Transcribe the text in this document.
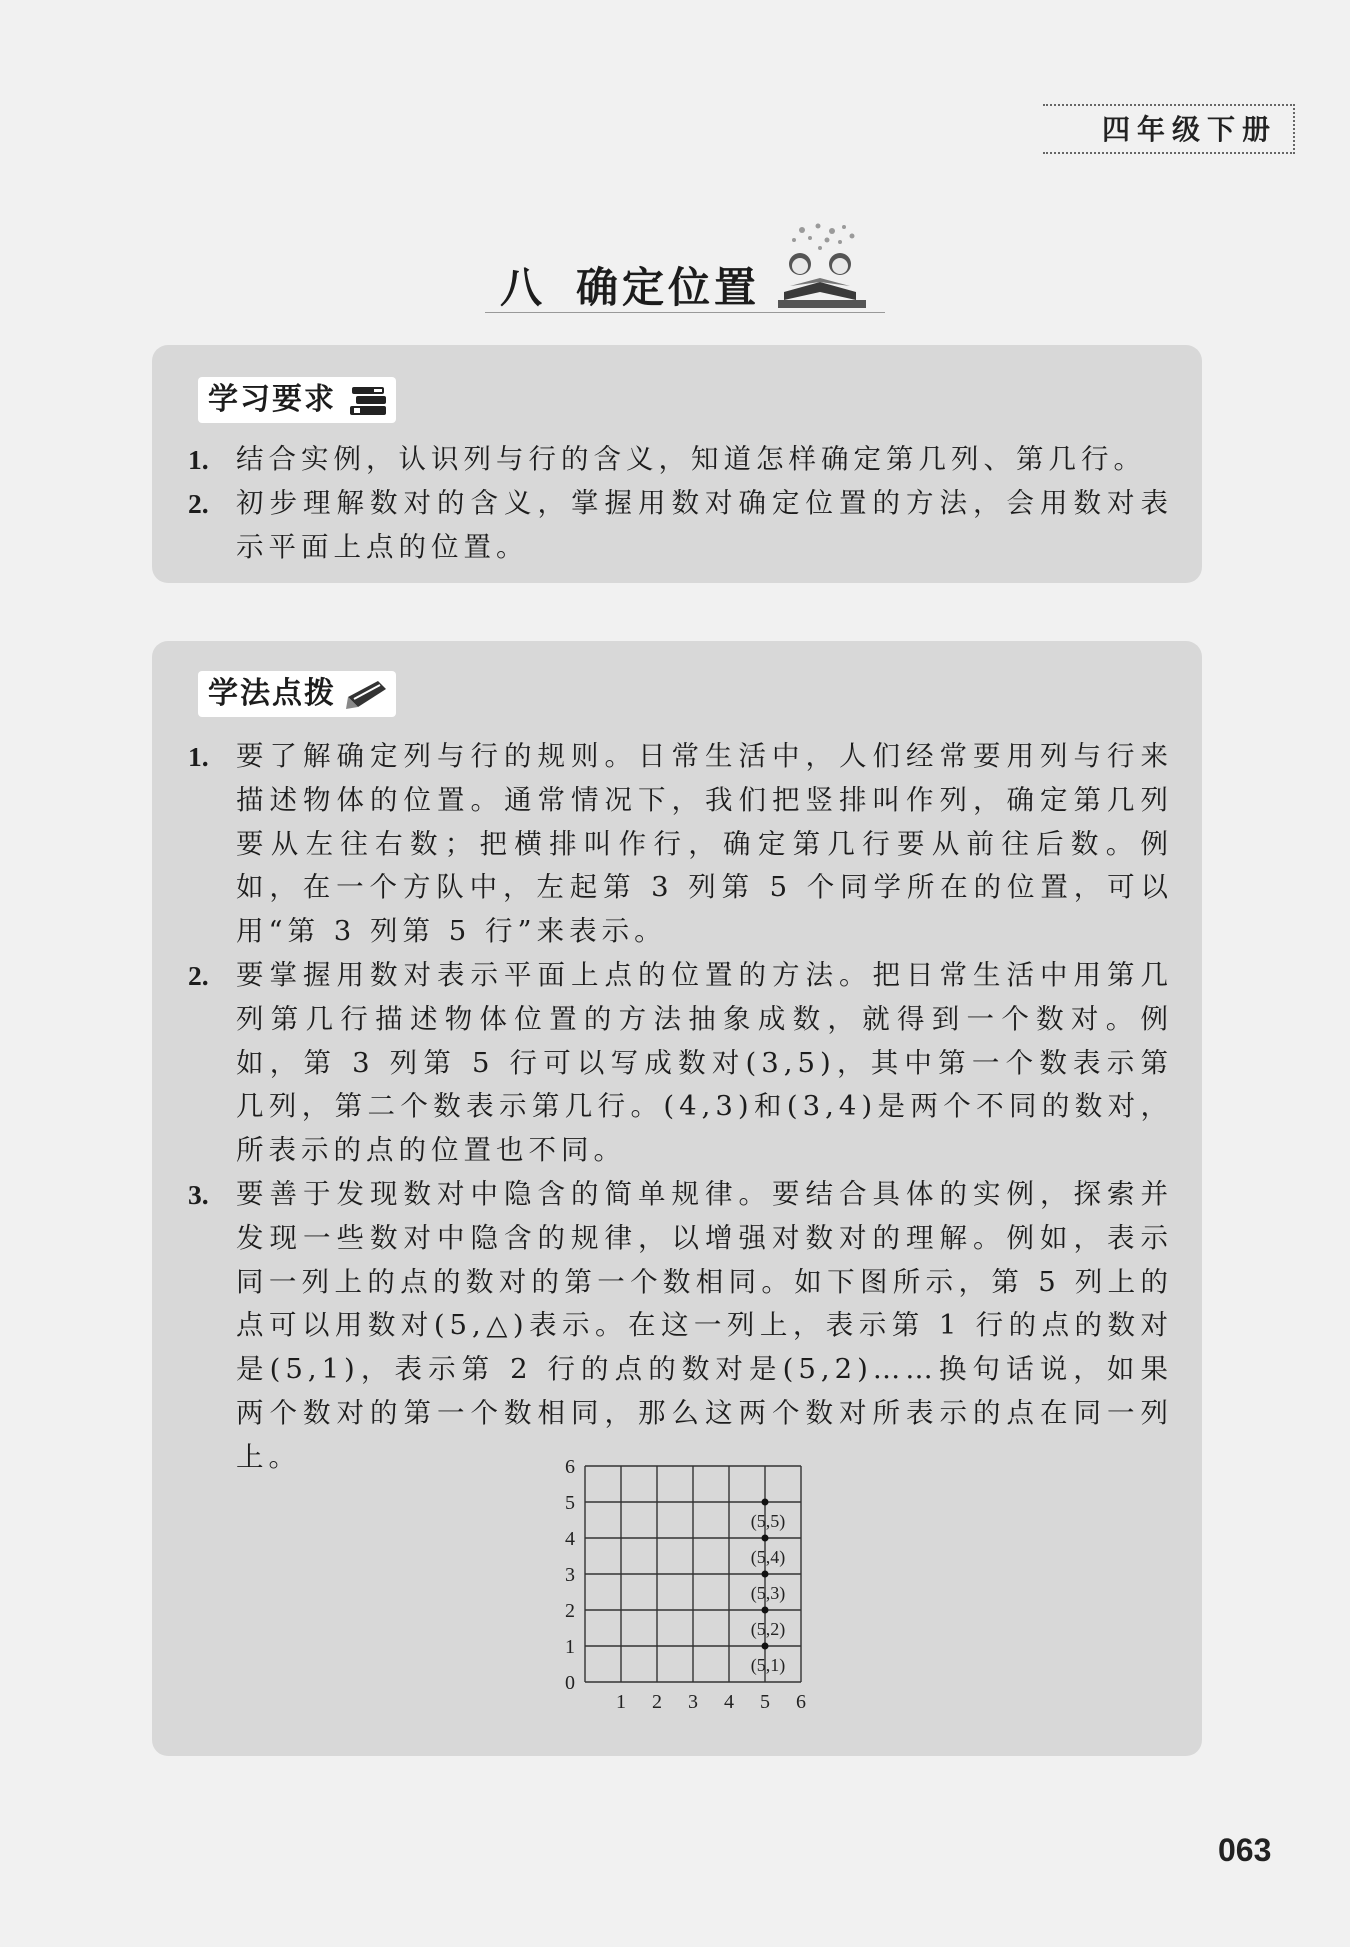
四年级下册
八 确定位置
学习要求
1. 结合实例，认识列与行的含义，知道怎样确定第几列、第几行。
2. 初步理解数对的含义，掌握用数对确定位置的方法，会用数对表示平面上点的位置。
学法点拨
1. 要了解确定列与行的规则。日常生活中，人们经常要用列与行来描述物体的位置。通常情况下，我们把竖排叫作列，确定第几列要从左往右数；把横排叫作行，确定第几行要从前往后数。例如，在一个方队中，左起第 3 列第 5 个同学所在的位置，可以用“第 3 列第 5 行”来表示。
2. 要掌握用数对表示平面上点的位置的方法。把日常生活中用第几列第几行描述物体位置的方法抽象成数，就得到一个数对。例如，第 3 列第 5 行可以写成数对(3,5)，其中第一个数表示第几列，第二个数表示第几行。(4,3)和(3,4)是两个不同的数对，所表示的点的位置也不同。
3. 要善于发现数对中隐含的简单规律。要结合具体的实例，探索并发现一些数对中隐含的规律，以增强对数对的理解。例如，表示同一列上的点的数对的第一个数相同。如下图所示，第 5 列上的点可以用数对(5,△)表示。在这一列上，表示第 1 行的点的数对是(5,1)，表示第 2 行的点的数对是(5,2)……换句话说，如果两个数对的第一个数相同，那么这两个数对所表示的点在同一列上。
1 2 3 4 5 6
0
1
2
3
4
5
6
(5,1)
(5,2)
(5,3)
(5,4)
(5,5)
063
